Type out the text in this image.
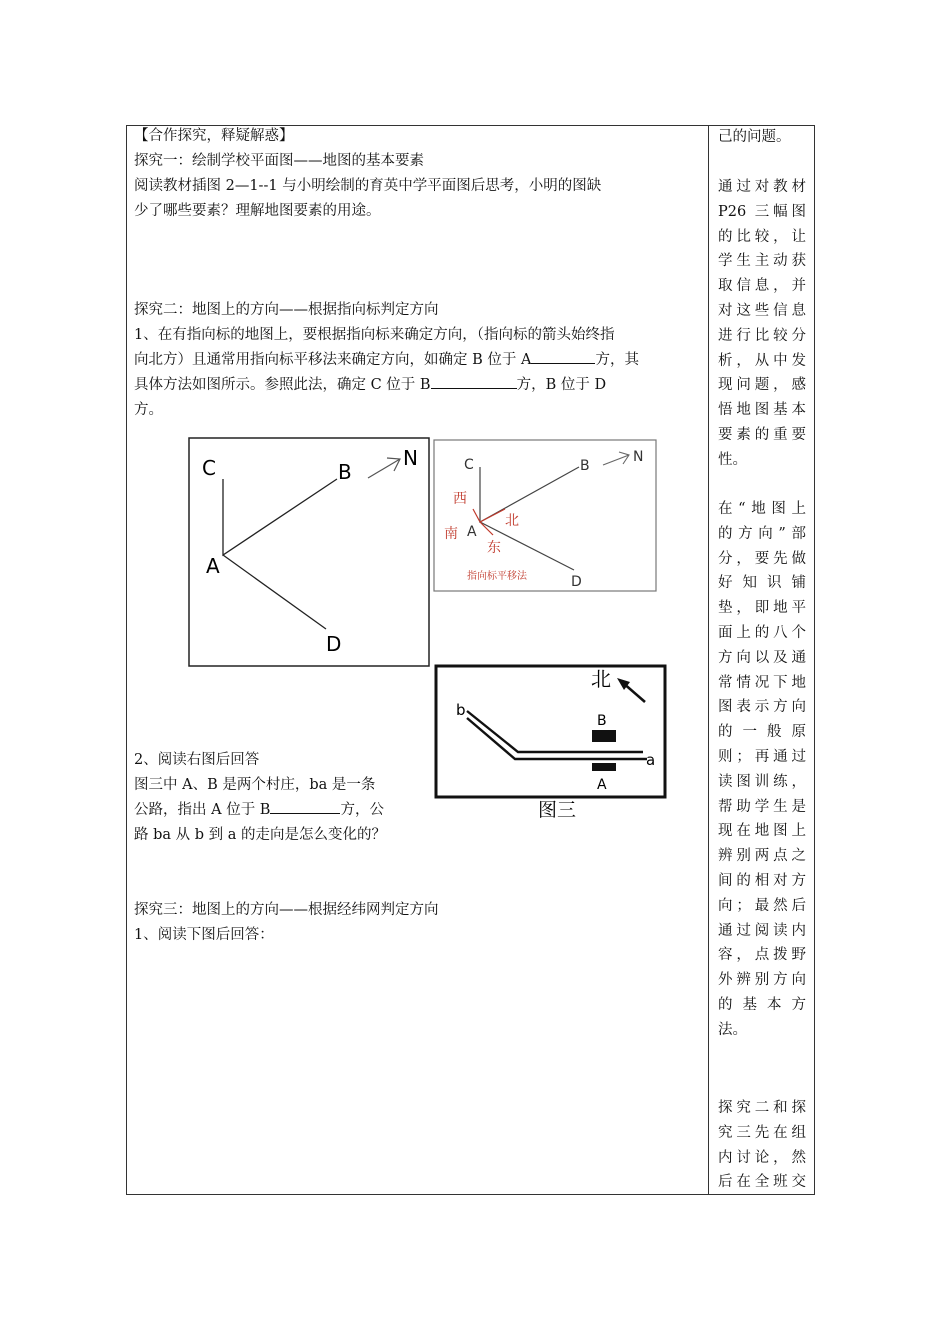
【合作探究，释疑解惑】
探究一：绘制学校平面图——地图的基本要素
阅读教材插图 2—1--1 与小明绘制的育英中学平面图后思考，小明的图缺
少了哪些要素？理解地图要素的用途。
探究二：地图上的方向——根据指向标判定方向
1、在有指向标的地图上，要根据指向标来确定方向，（指向标的箭头始终指
向北方）且通常用指向标平移法来确定方向，如确定 B 位于 A	方，其
具体方法如图所示。参照此法，确定 C 位于 B	方，B 位于 D
方。
C	B
A
D
N	C	B
A
D
N
西
北
南
东
指向标平移法
北
b
a
B
A
图三
2、阅读右图后回答
图三中 A、B 是两个村庄，ba 是一条
公路，指出 A 位于 B	方，公
路 ba 从 b 到 a 的走向是怎么变化的？
探究三：地图上的方向——根据经纬网判定方向
1、阅读下图后回答：
己的问题。
通过对教材
P26 三幅图
的比较，让
学生主动获
取信息，并
对这些信息
进行比较分
析，从中发
现问题，感
悟地图基本
要素的重要
性。
在“地图上
的方向”部
分，要先做
好 知 识 铺
垫，即地平
面上的八个
方向以及通
常情况下地
图表示方向
的 一 般 原
则；再通过
读图训练，
帮助学生是
现在地图上
辨别两点之
间的相对方
向；最然后
通过阅读内
容，点拨野
外辨别方向
的 基 本 方
法。
探究二和探
究三先在组
内讨论，然
后在全班交
